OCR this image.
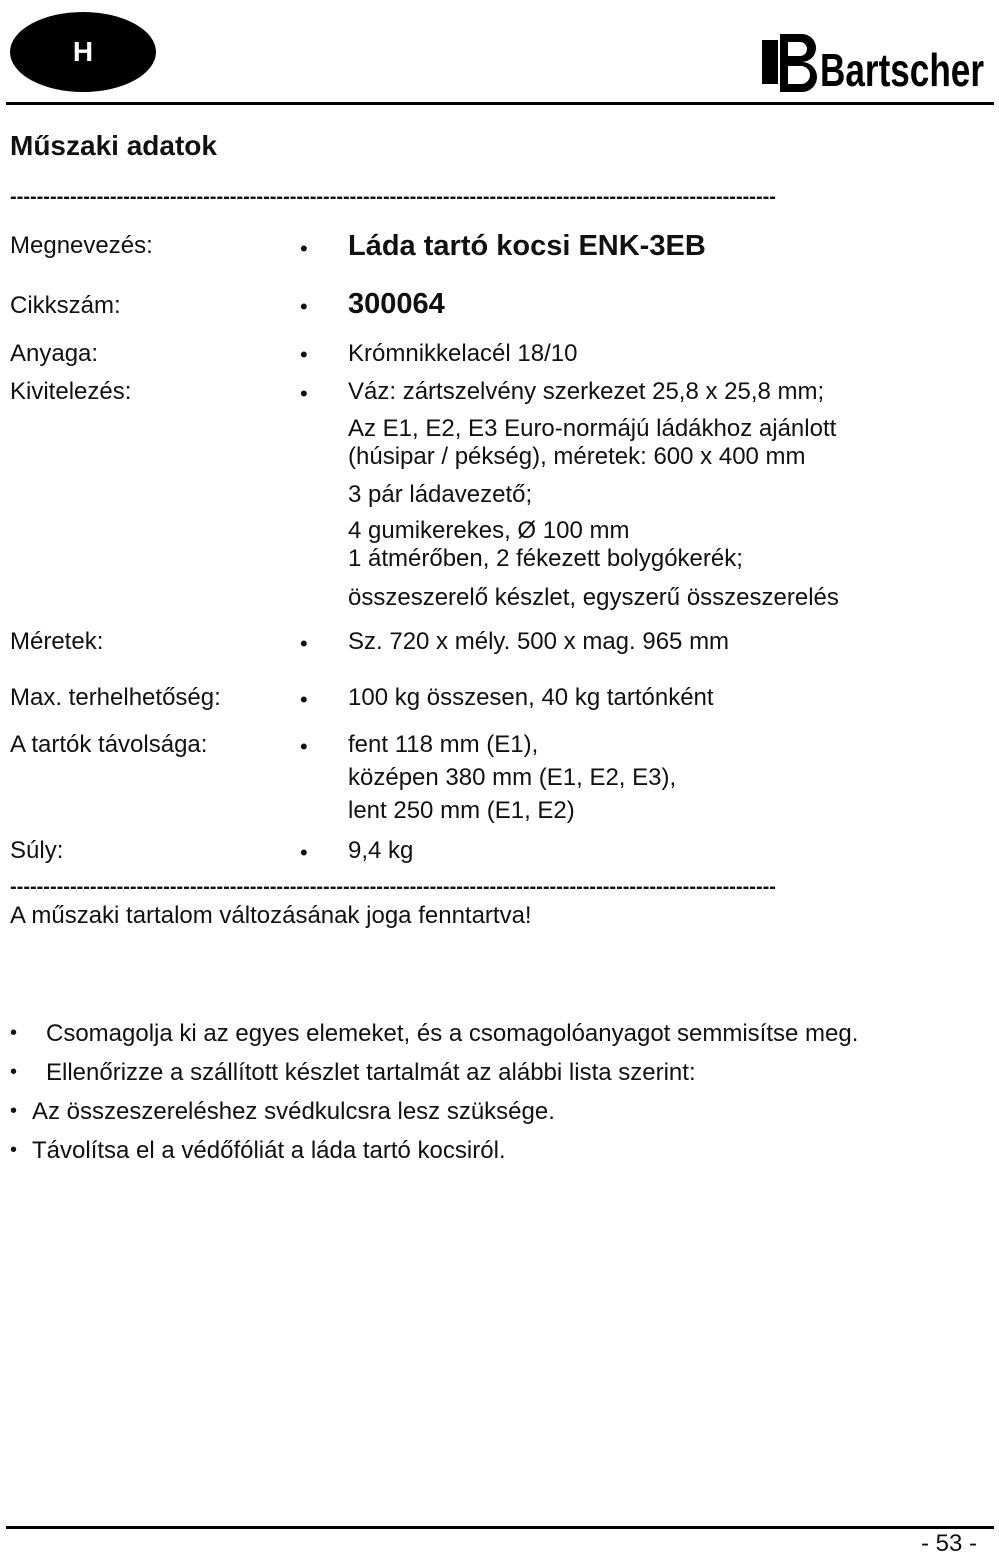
H	Bartscher
Műszaki adatok
-------------------------------------------------------------------------------------------------------------------
Megnevezés:	• Láda tartó kocsi ENK-3EB
Cikkszám:	• 300064
Anyaga:	• Krómnikkelacél 18/10
Kivitelezés:	• Váz: zártszelvény szerkezet 25,8 x 25,8 mm;
Az E1, E2, E3 Euro-normájú ládákhoz ajánlott
(húsipar / pékség), méretek: 600 x 400 mm
3 pár ládavezető;
4 gumikerekes, Ø 100 mm
1 átmérőben, 2 fékezett bolygókerék;
összeszerelő készlet, egyszerű összeszerelés
Méretek:	• Sz. 720 x mély. 500 x mag. 965 mm
Max. terhelhetőség:	• 100 kg összesen, 40 kg tartónként
A tartók távolsága:	• fent 118 mm (E1),
középen 380 mm (E1, E2, E3),
lent 250 mm (E1, E2)
Súly:	• 9,4 kg
-------------------------------------------------------------------------------------------------------------------
A műszaki tartalom változásának joga fenntartva!
• Csomagolja ki az egyes elemeket, és a csomagolóanyagot semmisítse meg.
• Ellenőrizze a szállított készlet tartalmát az alábbi lista szerint:
• Az összeszereléshez svédkulcsra lesz szüksége.
• Távolítsa el a védőfóliát a láda tartó kocsiról.
- 53 -
